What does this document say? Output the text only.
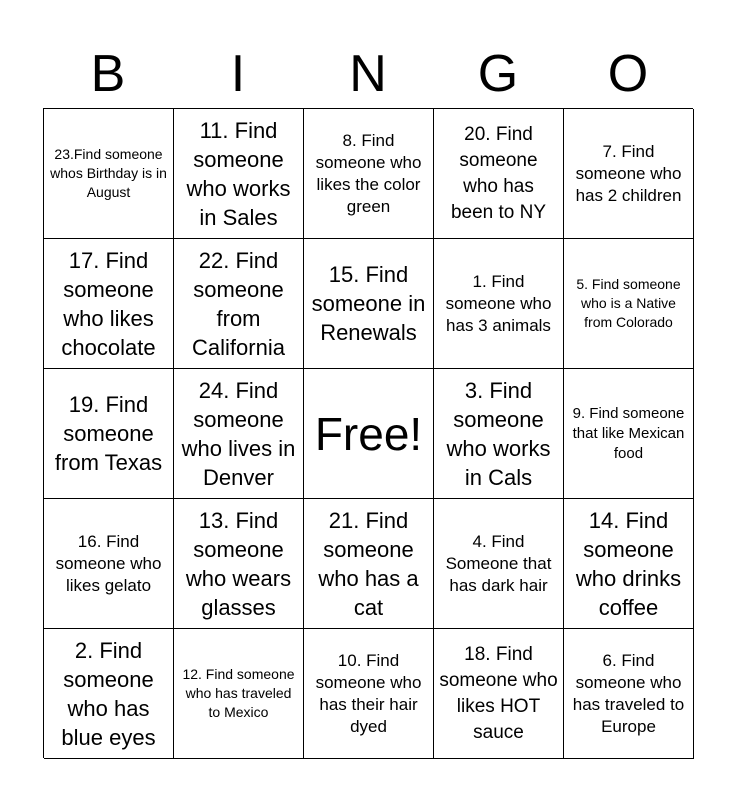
B	I	N	G	O
23.Find someone whos Birthday is in August
11. Find someone who works in Sales
8. Find someone who likes the color green
20. Find someone who has been to NY
7. Find someone who has 2 children
17. Find someone who likes chocolate
22. Find someone from California
15. Find someone in Renewals
1. Find someone who has 3 animals
5. Find someone who is a Native from Colorado
19. Find someone from Texas
24. Find someone who lives in Denver
Free!
3. Find someone who works in Cals
9. Find someone that like Mexican food
16. Find someone who likes gelato
13. Find someone who wears glasses
21. Find someone who has a cat
4. Find Someone that has dark hair
14. Find someone who drinks coffee
2. Find someone who has blue eyes
12. Find someone who has traveled to Mexico
10. Find someone who has their hair dyed
18. Find someone who likes HOT sauce
6. Find someone who has traveled to Europe
